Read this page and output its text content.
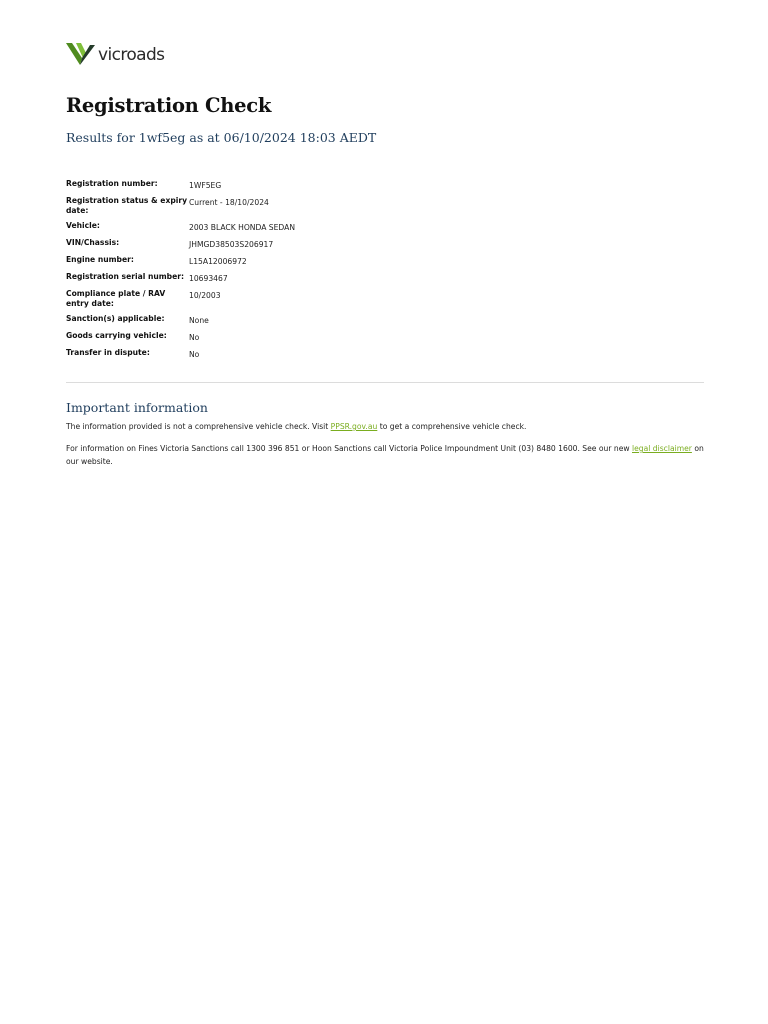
vicroads
Registration Check
Results for 1wf5eg as at 06/10/2024 18:03 AEDT
Registration number:	1WF5EG
Registration status & expiry date:
Current - 18/10/2024
Vehicle:	2003 BLACK HONDA SEDAN
VIN/Chassis:	JHMGD38503S206917
Engine number:	L15A12006972
Registration serial number: 10693467
Compliance plate / RAV entry date:
10/2003
Sanction(s) applicable:	None
Goods carrying vehicle:	No
Transfer in dispute:	No
Important information

The information provided is not a comprehensive vehicle check. Visit PPSR.gov.au to get a comprehensive vehicle check.

For information on Fines Victoria Sanctions call 1300 396 851 or Hoon Sanctions call Victoria Police Impoundment Unit (03) 8480 1600. See our new legal disclaimer on our website.
